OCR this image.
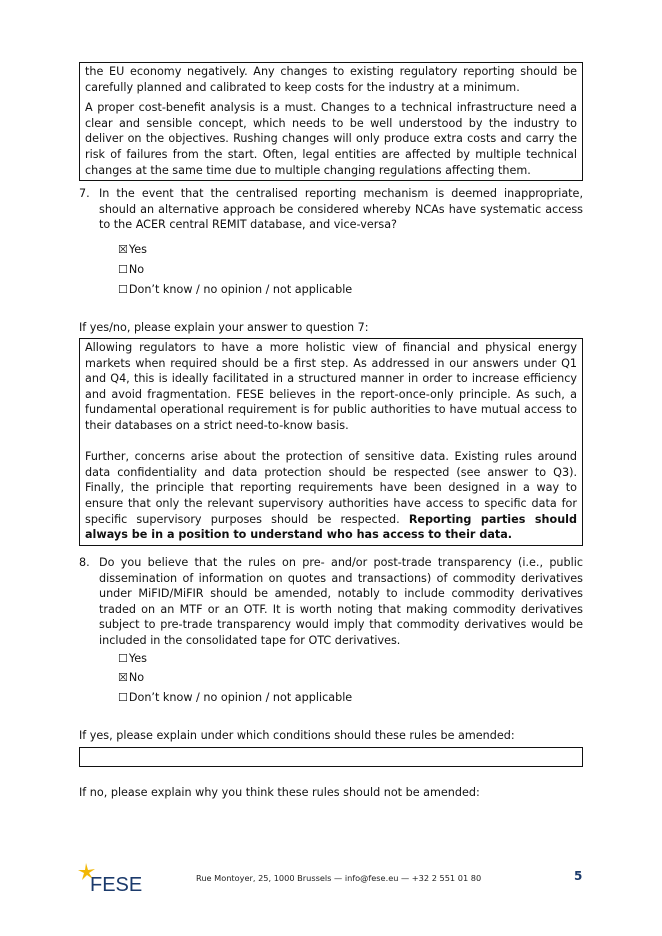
the EU economy negatively. Any changes to existing regulatory reporting should be carefully planned and calibrated to keep costs for the industry at a minimum.

A proper cost-benefit analysis is a must. Changes to a technical infrastructure need a clear and sensible concept, which needs to be well understood by the industry to deliver on the objectives. Rushing changes will only produce extra costs and carry the risk of failures from the start. Often, legal entities are affected by multiple technical changes at the same time due to multiple changing regulations affecting them.

7. In the event that the centralised reporting mechanism is deemed inappropriate, should an alternative approach be considered whereby NCAs have systematic access to the ACER central REMIT database, and vice-versa?
☒Yes
☐No
☐Don’t know / no opinion / not applicable
If yes/no, please explain your answer to question 7:

Allowing regulators to have a more holistic view of financial and physical energy markets when required should be a first step. As addressed in our answers under Q1 and Q4, this is ideally facilitated in a structured manner in order to increase efficiency and avoid fragmentation. FESE believes in the report-once-only principle. As such, a fundamental operational requirement is for public authorities to have mutual access to their databases on a strict need-to-know basis.

Further, concerns arise about the protection of sensitive data. Existing rules around data confidentiality and data protection should be respected (see answer to Q3). Finally, the principle that reporting requirements have been designed in a way to ensure that only the relevant supervisory authorities have access to specific data for specific supervisory purposes should be respected. Reporting parties should always be in a position to understand who has access to their data.

8. Do you believe that the rules on pre- and/or post-trade transparency (i.e., public dissemination of information on quotes and transactions) of commodity derivatives under MiFID/MiFIR should be amended, notably to include commodity derivatives traded on an MTF or an OTF. It is worth noting that making commodity derivatives subject to pre-trade transparency would imply that commodity derivatives would be included in the consolidated tape for OTC derivatives.
☐Yes
☒No
☐Don’t know / no opinion / not applicable
If yes, please explain under which conditions should these rules be amended:
If no, please explain why you think these rules should not be amended:
FESE	Rue Montoyer, 25, 1000 Brussels — info@fese.eu — +32 2 551 01 80	5
